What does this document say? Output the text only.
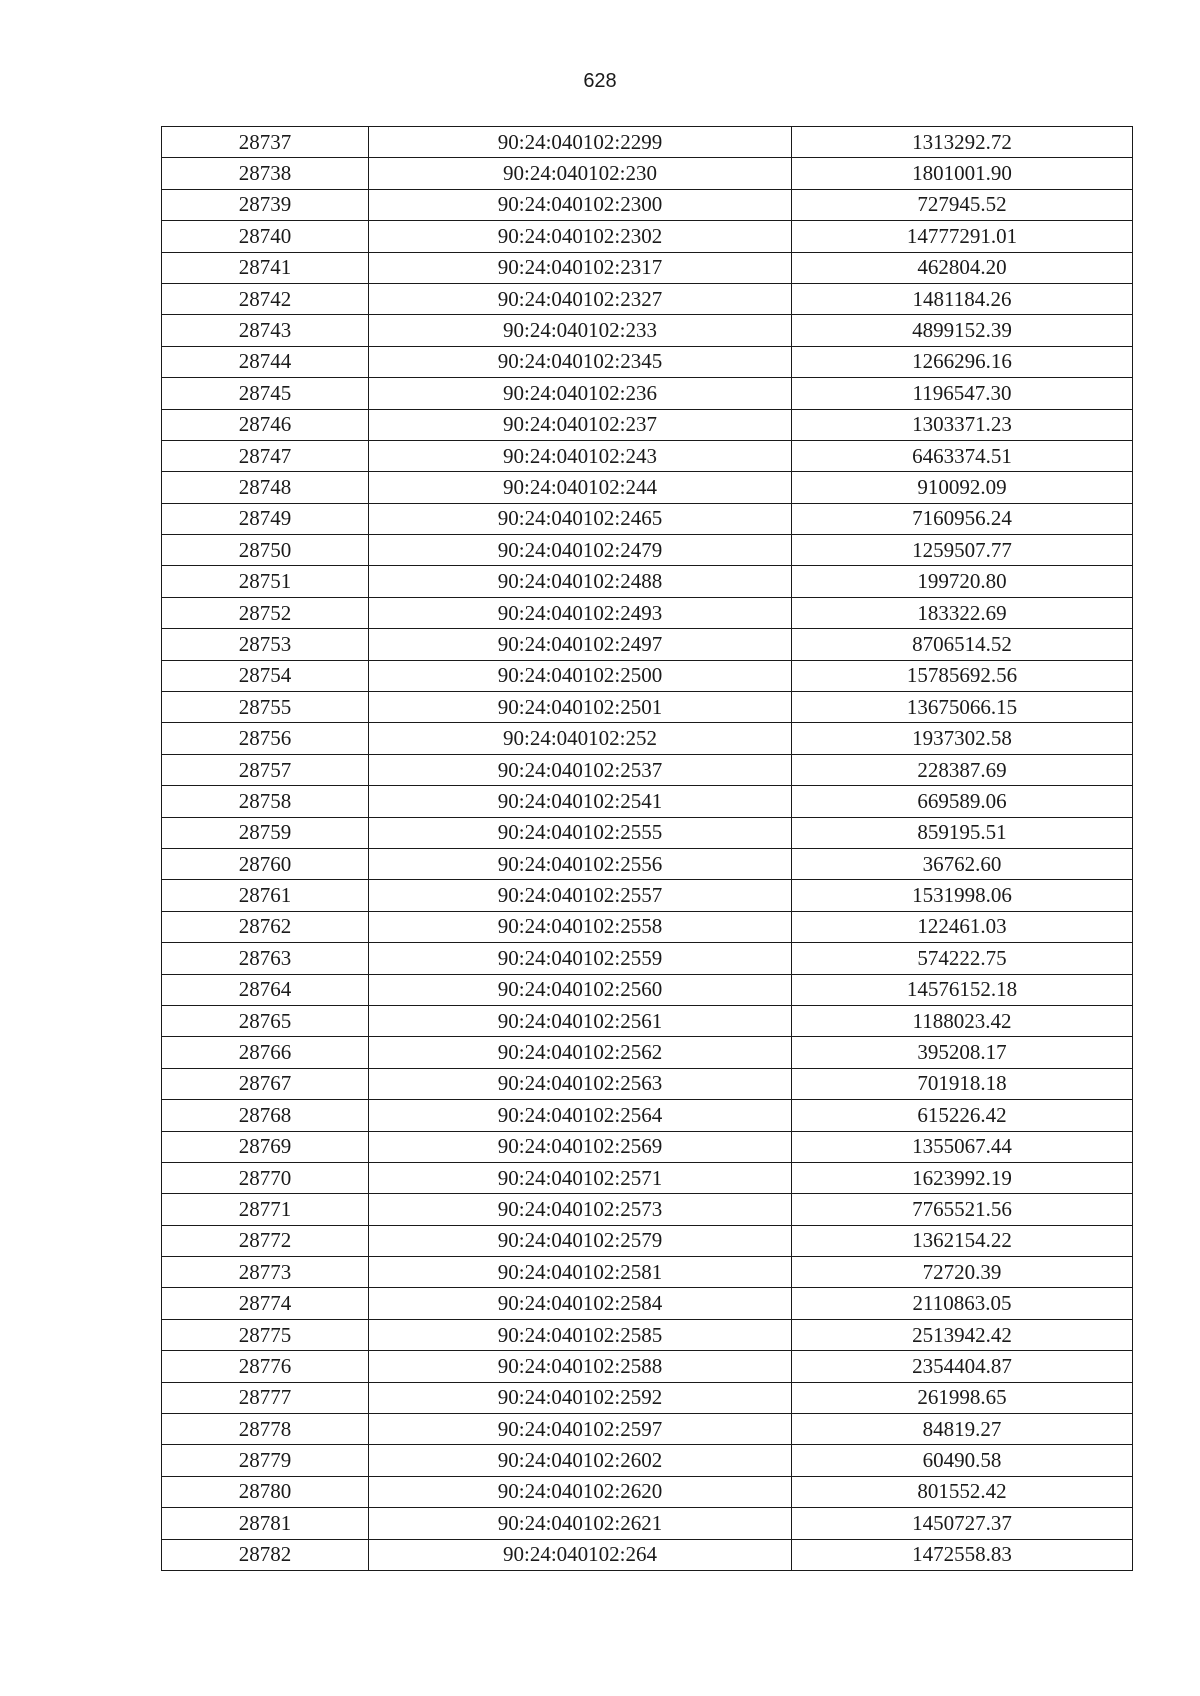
628
28737	90:24:040102:2299	1313292.72
28738	90:24:040102:230	1801001.90
28739	90:24:040102:2300	727945.52
28740	90:24:040102:2302	14777291.01
28741	90:24:040102:2317	462804.20
28742	90:24:040102:2327	1481184.26
28743	90:24:040102:233	4899152.39
28744	90:24:040102:2345	1266296.16
28745	90:24:040102:236	1196547.30
28746	90:24:040102:237	1303371.23
28747	90:24:040102:243	6463374.51
28748	90:24:040102:244	910092.09
28749	90:24:040102:2465	7160956.24
28750	90:24:040102:2479	1259507.77
28751	90:24:040102:2488	199720.80
28752	90:24:040102:2493	183322.69
28753	90:24:040102:2497	8706514.52
28754	90:24:040102:2500	15785692.56
28755	90:24:040102:2501	13675066.15
28756	90:24:040102:252	1937302.58
28757	90:24:040102:2537	228387.69
28758	90:24:040102:2541	669589.06
28759	90:24:040102:2555	859195.51
28760	90:24:040102:2556	36762.60
28761	90:24:040102:2557	1531998.06
28762	90:24:040102:2558	122461.03
28763	90:24:040102:2559	574222.75
28764	90:24:040102:2560	14576152.18
28765	90:24:040102:2561	1188023.42
28766	90:24:040102:2562	395208.17
28767	90:24:040102:2563	701918.18
28768	90:24:040102:2564	615226.42
28769	90:24:040102:2569	1355067.44
28770	90:24:040102:2571	1623992.19
28771	90:24:040102:2573	7765521.56
28772	90:24:040102:2579	1362154.22
28773	90:24:040102:2581	72720.39
28774	90:24:040102:2584	2110863.05
28775	90:24:040102:2585	2513942.42
28776	90:24:040102:2588	2354404.87
28777	90:24:040102:2592	261998.65
28778	90:24:040102:2597	84819.27
28779	90:24:040102:2602	60490.58
28780	90:24:040102:2620	801552.42
28781	90:24:040102:2621	1450727.37
28782	90:24:040102:264	1472558.83
